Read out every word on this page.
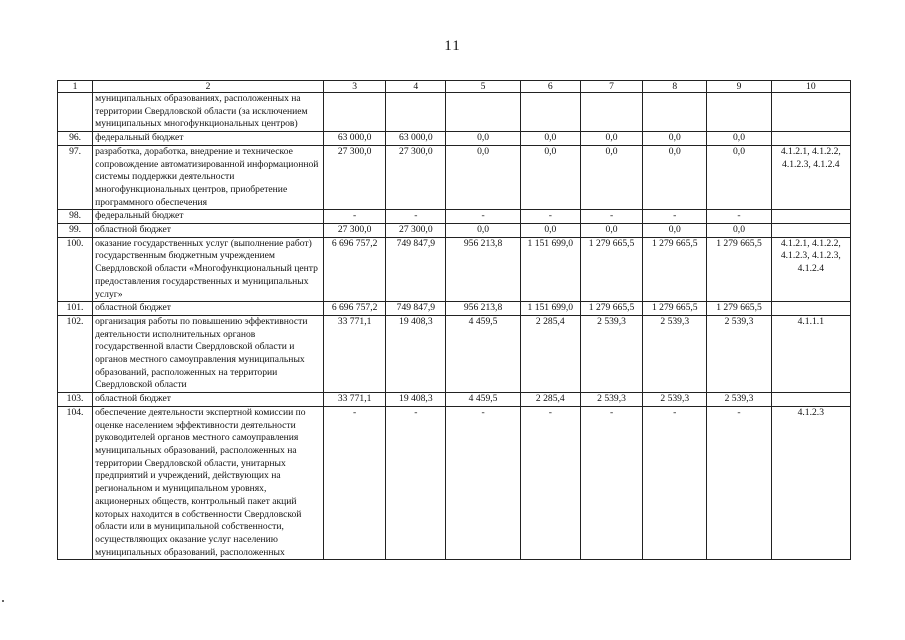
11
1	2	3	4	5	6	7	8	9	10
	муниципальных образованиях, расположенных на территории Свердловской области (за исключением муниципальных многофункциональных центров)								
96.	федеральный бюджет	63 000,0	63 000,0	0,0	0,0	0,0	0,0	0,0	
97.	разработка, доработка, внедрение и техническое сопровождение автоматизированной информационной системы поддержки деятельности многофункциональных центров, приобретение программного обеспечения	27 300,0	27 300,0	0,0	0,0	0,0	0,0	0,0	4.1.2.1, 4.1.2.2, 4.1.2.3, 4.1.2.4
98.	федеральный бюджет	-	-	-	-	-	-	-	
99.	областной бюджет	27 300,0	27 300,0	0,0	0,0	0,0	0,0	0,0	
100.	оказание государственных услуг (выполнение работ) государственным бюджетным учреждением Свердловской области «Многофункциональный центр предоставления государственных и муниципальных услуг»	6 696 757,2	749 847,9	956 213,8	1 151 699,0	1 279 665,5	1 279 665,5	1 279 665,5	4.1.2.1, 4.1.2.2, 4.1.2.3, 4.1.2.3, 4.1.2.4
101.	областной бюджет	6 696 757,2	749 847,9	956 213,8	1 151 699,0	1 279 665,5	1 279 665,5	1 279 665,5	
102.	организация работы по повышению эффективности деятельности исполнительных органов государственной власти Свердловской области и органов местного самоуправления муниципальных образований, расположенных на территории Свердловской области	33 771,1	19 408,3	4 459,5	2 285,4	2 539,3	2 539,3	2 539,3	4.1.1.1
103.	областной бюджет	33 771,1	19 408,3	4 459,5	2 285,4	2 539,3	2 539,3	2 539,3	
104.	обеспечение деятельности экспертной комиссии по оценке населением эффективности деятельности руководителей органов местного самоуправления муниципальных образований, расположенных на территории Свердловской области, унитарных предприятий и учреждений, действующих на региональном и муниципальном уровнях, акционерных обществ, контрольный пакет акций которых находится в собственности Свердловской области или в муниципальной собственности, осуществляющих оказание услуг населению муниципальных образований, расположенных	-	-	-	-	-	-	-	4.1.2.3
